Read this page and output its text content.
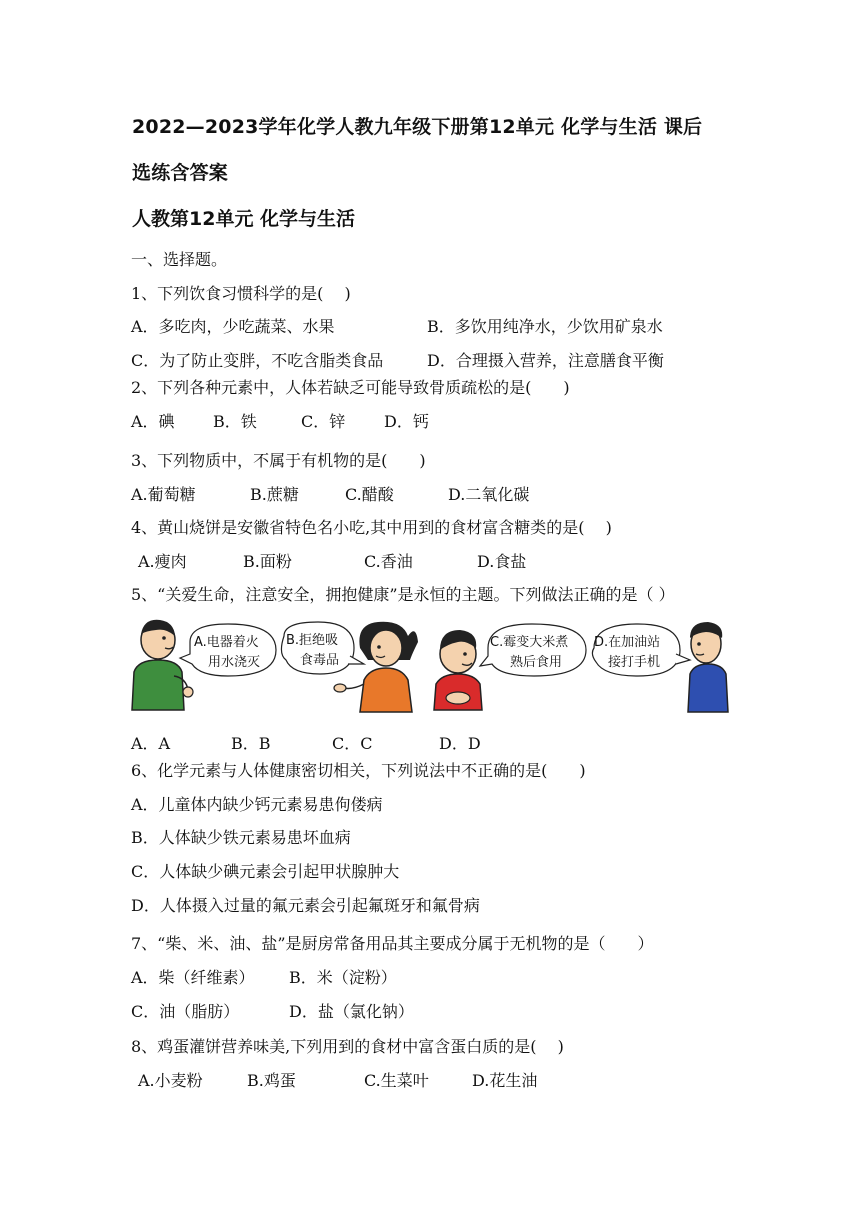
2022—2023学年化学人教九年级下册第12单元 化学与生活 课后
选练含答案
人教第12单元 化学与生活
一、选择题。
1、下列饮食习惯科学的是(　 )
A．多吃肉，少吃蔬菜、水果	B．多饮用纯净水，少饮用矿泉水
C．为了防止变胖，不吃含脂类食品	D．合理摄入营养，注意膳食平衡
2、下列各种元素中，人体若缺乏可能导致骨质疏松的是(　　)
A．碘 B．铁	C．锌 D．钙
3、下列物质中，不属于有机物的是(　　)
A.葡萄糖	B.蔗糖	C.醋酸	D.二氧化碳
4、黄山烧饼是安徽省特色名小吃,其中用到的食材富含糖类的是(　 )
A.瘦肉	B.面粉	C.香油	D.食盐
5、“关爱生命，注意安全，拥抱健康”是永恒的主题。下列做法正确的是（ ）
A.电器着火
用水浇灭
B.拒绝吸
食毒品
C.霉变大米煮
熟后食用
D.在加油站
接打手机
A．A	B．B	C．C	D．D
6、化学元素与人体健康密切相关，下列说法中不正确的是(　　)
A．儿童体内缺少钙元素易患佝偻病
B．人体缺少铁元素易患坏血病
C．人体缺少碘元素会引起甲状腺肿大
D．人体摄入过量的氟元素会引起氟斑牙和氟骨病
7、“柴、米、油、盐”是厨房常备用品其主要成分属于无机物的是（　　）
A．柴（纤维素） B．米（淀粉）
C．油（脂肪）	D．盐（氯化钠）
8、鸡蛋灌饼营养味美,下列用到的食材中富含蛋白质的是(　 )
A.小麦粉	B.鸡蛋	C.生菜叶	D.花生油
